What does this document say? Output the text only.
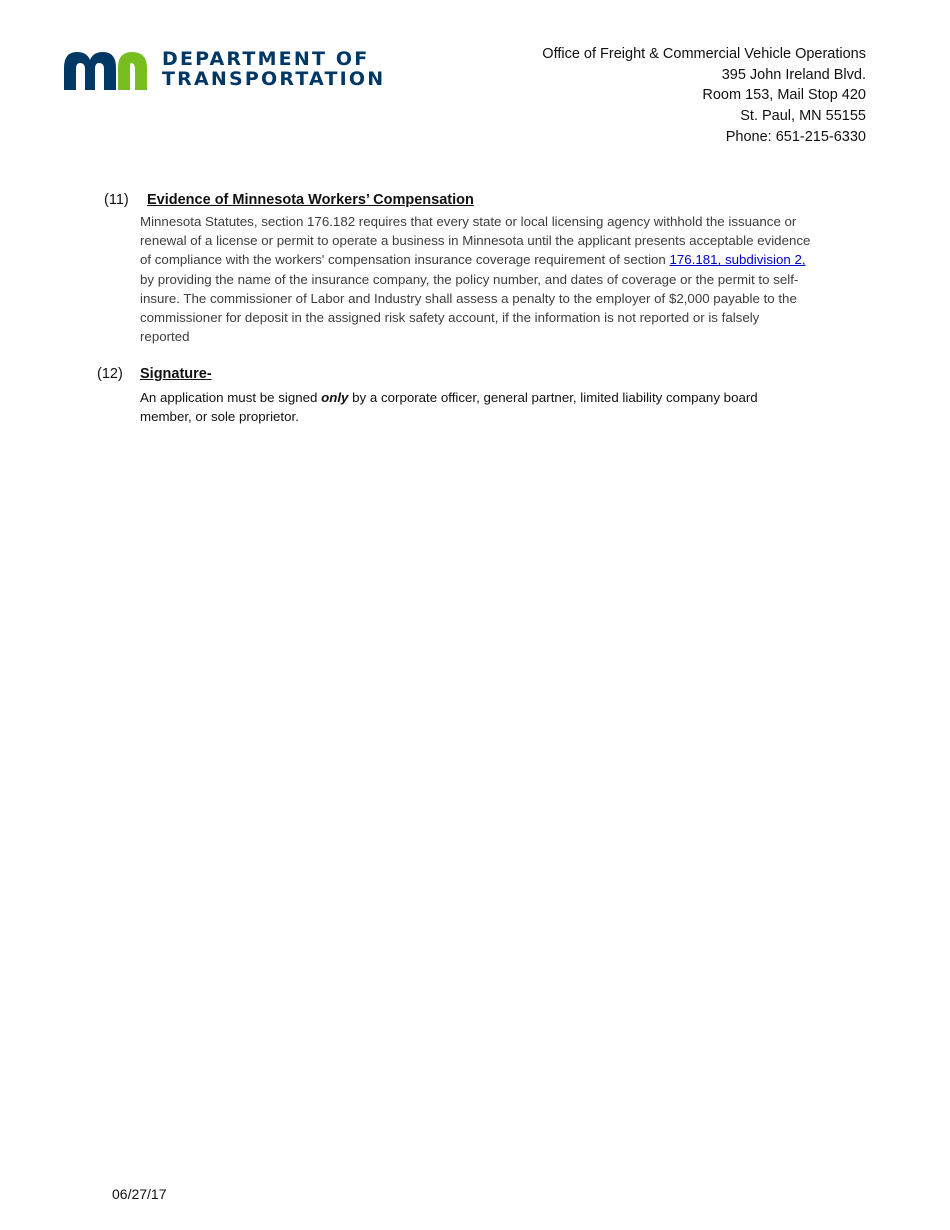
DEPARTMENT OF
TRANSPORTATION
Office of Freight & Commercial Vehicle Operations
395 John Ireland Blvd.
Room 153, Mail Stop 420
St. Paul, MN 55155
Phone: 651-215-6330
(11) Evidence of Minnesota Workers’ Compensation
Minnesota Statutes, section 176.182 requires that every state or local licensing agency withhold the issuance or
renewal of a license or permit to operate a business in Minnesota until the applicant presents acceptable evidence
of compliance with the workers' compensation insurance coverage requirement of section 176.181, subdivision 2,
by providing the name of the insurance company, the policy number, and dates of coverage or the permit to self-
insure. The commissioner of Labor and Industry shall assess a penalty to the employer of $2,000 payable to the
commissioner for deposit in the assigned risk safety account, if the information is not reported or is falsely
reported
(12) Signature-
An application must be signed only by a corporate officer, general partner, limited liability company board
member, or sole proprietor.
06/27/17
